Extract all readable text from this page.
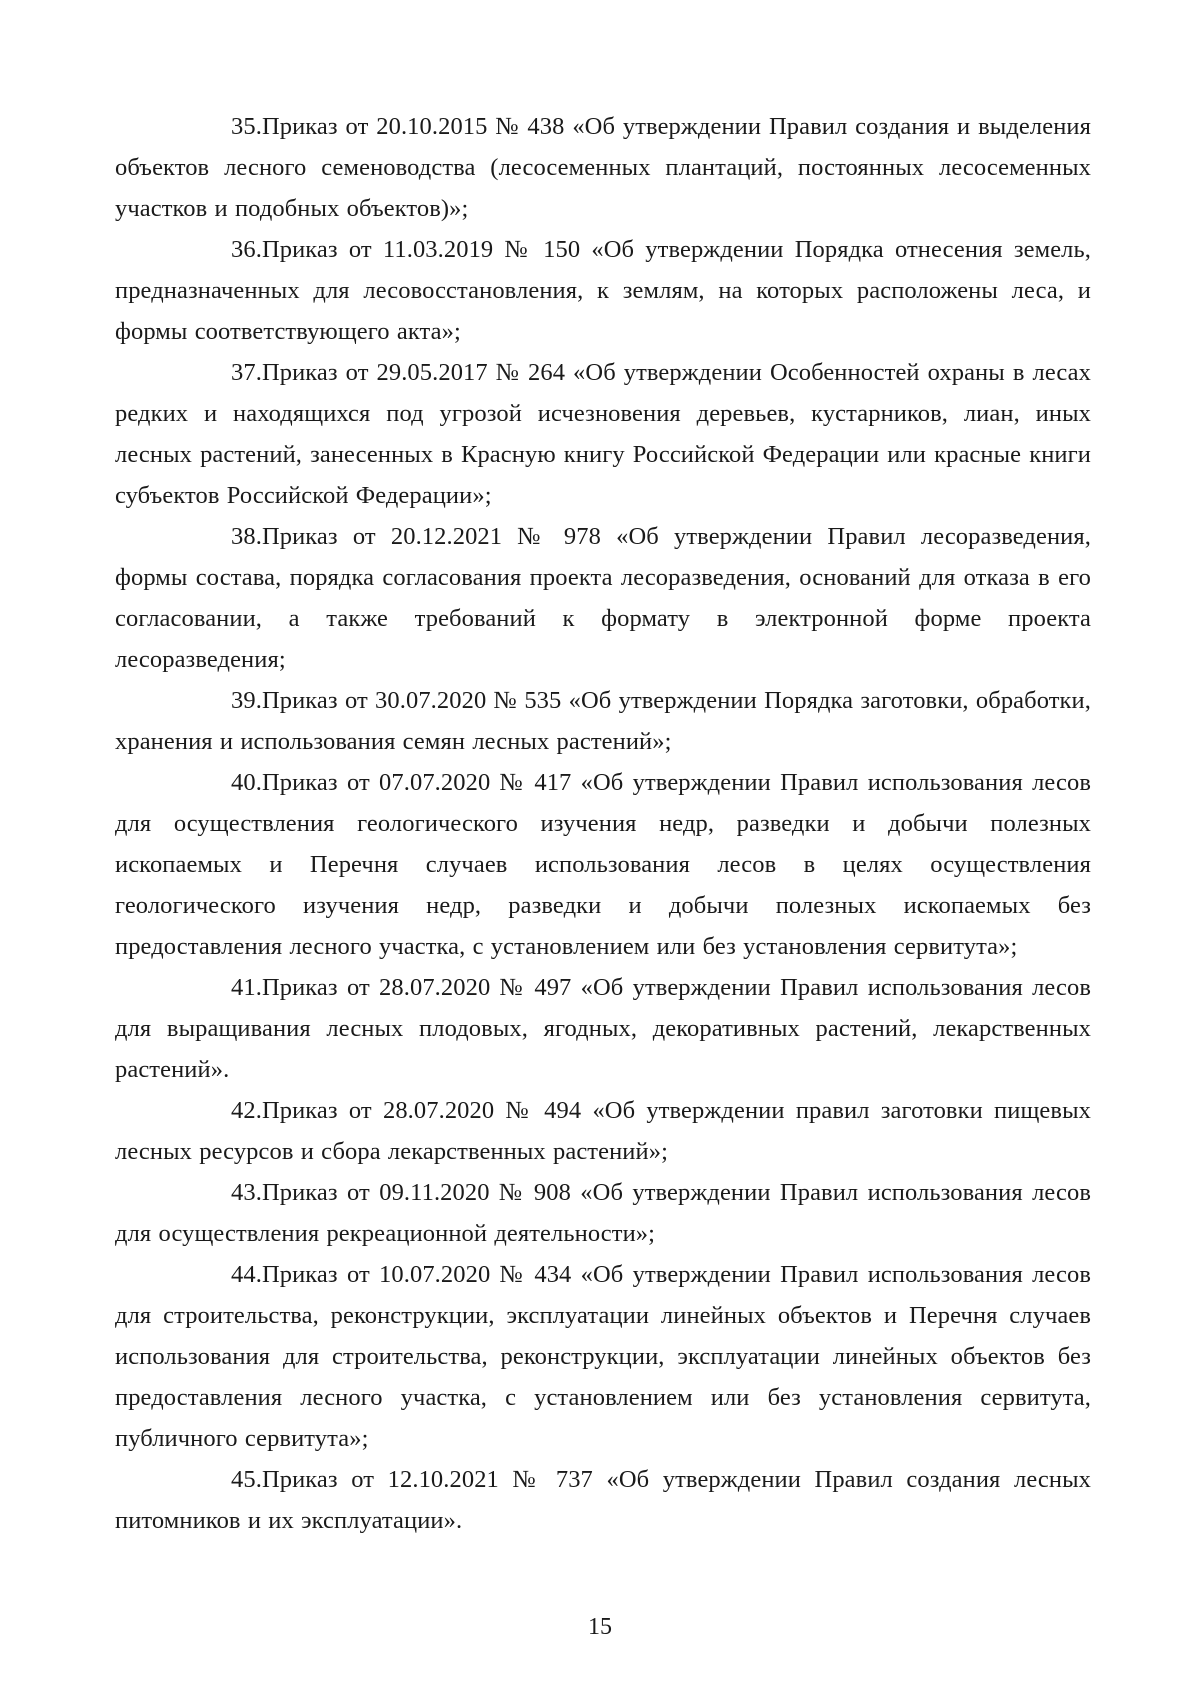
35.Приказ от 20.10.2015 № 438 «Об утверждении Правил создания и выделения объектов лесного семеноводства (лесосеменных плантаций, постоянных лесосеменных участков и подобных объектов)»;

36.Приказ от 11.03.2019 № 150 «Об утверждении Порядка отнесения земель, предназначенных для лесовосстановления, к землям, на которых расположены леса, и формы соответствующего акта»;

37.Приказ от 29.05.2017 № 264 «Об утверждении Особенностей охраны в лесах редких и находящихся под угрозой исчезновения деревьев, кустарников, лиан, иных лесных растений, занесенных в Красную книгу Российской Федерации или красные книги субъектов Российской Федерации»;

38.Приказ от 20.12.2021 № 978 «Об утверждении Правил лесоразведения, формы состава, порядка согласования проекта лесоразведения, оснований для отказа в его согласовании, а также требований к формату в электронной форме проекта лесоразведения;

39.Приказ от 30.07.2020 № 535 «Об утверждении Порядка заготовки, обработки, хранения и использования семян лесных растений»;

40.Приказ от 07.07.2020 № 417 «Об утверждении Правил использования лесов для осуществления геологического изучения недр, разведки и добычи полезных ископаемых и Перечня случаев использования лесов в целях осуществления геологического изучения недр, разведки и добычи полезных ископаемых без предоставления лесного участка, с установлением или без установления сервитута»;

41.Приказ от 28.07.2020 № 497 «Об утверждении Правил использования лесов для выращивания лесных плодовых, ягодных, декоративных растений, лекарственных растений».

42.Приказ от 28.07.2020 № 494 «Об утверждении правил заготовки пищевых лесных ресурсов и сбора лекарственных растений»;

43.Приказ от 09.11.2020 № 908 «Об утверждении Правил использования лесов для осуществления рекреационной деятельности»;

44.Приказ от 10.07.2020 № 434 «Об утверждении Правил использования лесов для строительства, реконструкции, эксплуатации линейных объектов и Перечня случаев использования для строительства, реконструкции, эксплуатации линейных объектов без предоставления лесного участка, с установлением или без установления сервитута, публичного сервитута»;

45.Приказ от 12.10.2021 № 737 «Об утверждении Правил создания лесных питомников и их эксплуатации».

15
